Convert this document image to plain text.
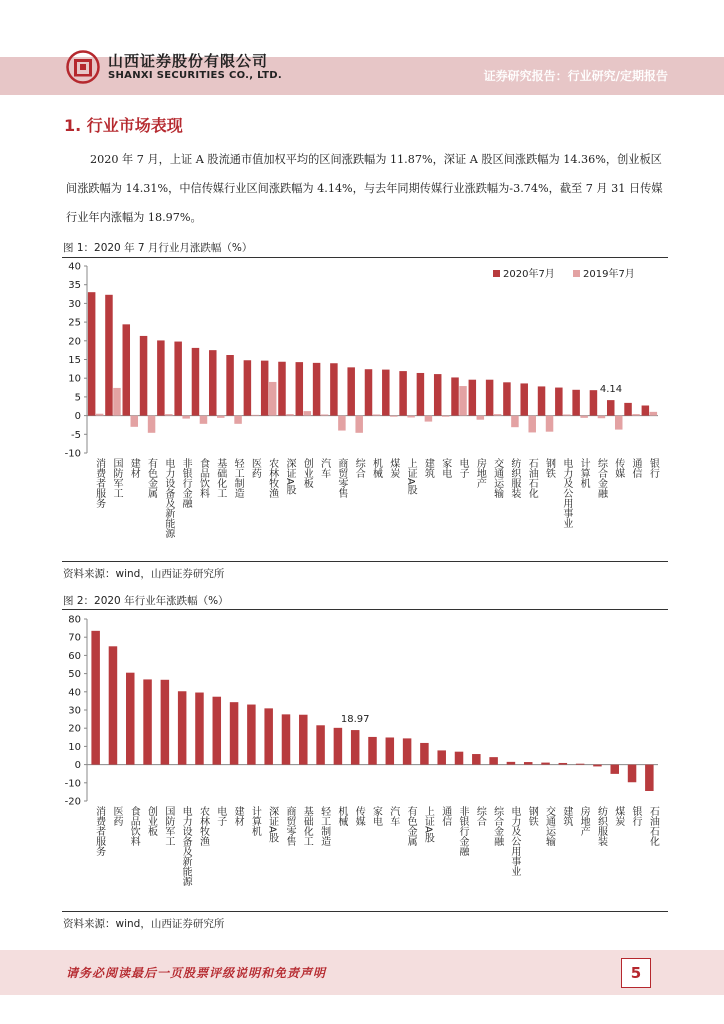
山西证券股份有限公司
SHANXI SECURITIES CO., LTD.	证券研究报告：行业研究/定期报告
1. 行业市场表现
2020 年 7 月，上证 A 股流通市值加权平均的区间涨跌幅为 11.87%，深证 A 股区间涨跌幅为 14.36%，创业板区间涨跌幅为 14.31%，中信传媒行业区间涨跌幅为 4.14%，与去年同期传媒行业涨跌幅为-3.74%，截至 7 月 31 日传媒行业年内涨幅为 18.97%。
图 1：2020 年 7 月行业月涨跌幅（%）
-10
-5
0
5
10
15
20
25
30
35
40
消费者服务 国防军工 建材 有色金属 电力设备及新能源 非银行金融 食品饮料 基础化工 轻工制造 医药 农林牧渔 深证A股 创业板 汽车 商贸零售 综合 机械 煤炭 上证A股 建筑 家电 电子 房地产 交通运输 纺织服装 石油石化 钢铁 电力及公用事业 计算机 综合金融 传媒 通信 银行
4.14
2020年7月	2019年7月
资料来源：wind，山西证券研究所
图 2：2020 年行业年涨跌幅（%）
-20
-10
0
10
20
30
40
50
60
70
80
消费者服务 医药 食品饮料 创业板 国防军工 电力设备及新能源 农林牧渔 电子 建材 计算机 深证A股 商贸零售 基础化工 轻工制造 机械 传媒 家电 汽车 有色金属 上证A股 通信 非银行金融 综合 综合金融 电力及公用事业 钢铁 交通运输 建筑 房地产 纺织服装 煤炭 银行 石油石化
18.97
资料来源：wind，山西证券研究所
请务必阅读最后一页股票评级说明和免责声明	5
